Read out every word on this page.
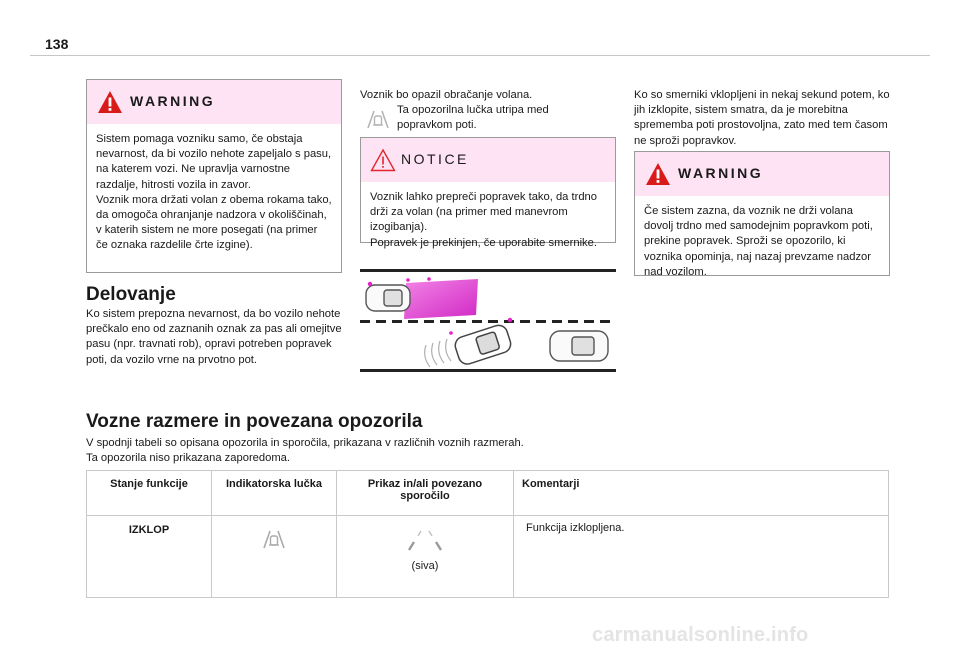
138
WARNING
Sistem pomaga vozniku samo, če obstaja nevarnost, da bi vozilo nehote zapeljalo s pasu, na katerem vozi. Ne upravlja varnostne razdalje, hitrosti vozila in zavor.
Voznik mora držati volan z obema rokama tako, da omogoča ohranjanje nadzora v okoliščinah, v katerih sistem ne more posegati (na primer če oznaka razdelile črte izgine).
Delovanje
Ko sistem prepozna nevarnost, da bo vozilo nehote prečkalo eno od zaznanih oznak za pas ali omejitve pasu (npr. travnati rob), opravi potreben popravek poti, da vozilo vrne na prvotno pot.
Voznik bo opazil obračanje volana.
Ta opozorilna lučka utripa med popravkom poti.
NOTICE
Voznik lahko prepreči popravek tako, da trdno drži za volan (na primer med manevrom izogibanja).
Popravek je prekinjen, če uporabite smernike.
Ko so smerniki vklopljeni in nekaj sekund potem, ko jih izklopite, sistem smatra, da je morebitna sprememba poti prostovoljna, zato med tem časom ne sproži popravkov.
WARNING
Če sistem zazna, da voznik ne drži volana dovolj trdno med samodejnim popravkom poti, prekine popravek. Sproži se opozorilo, ki voznika opominja, naj nazaj prevzame nadzor nad vozilom.
Vozne razmere in povezana opozorila
V spodnji tabeli so opisana opozorila in sporočila, prikazana v različnih voznih razmerah.
Ta opozorila niso prikazana zaporedoma.
Stanje funkcije	Indikatorska lučka	Prikaz in/ali povezano sporočilo	Komentarji
IZKLOP		(siva)	Funkcija izklopljena.
carmanualsonline.info
